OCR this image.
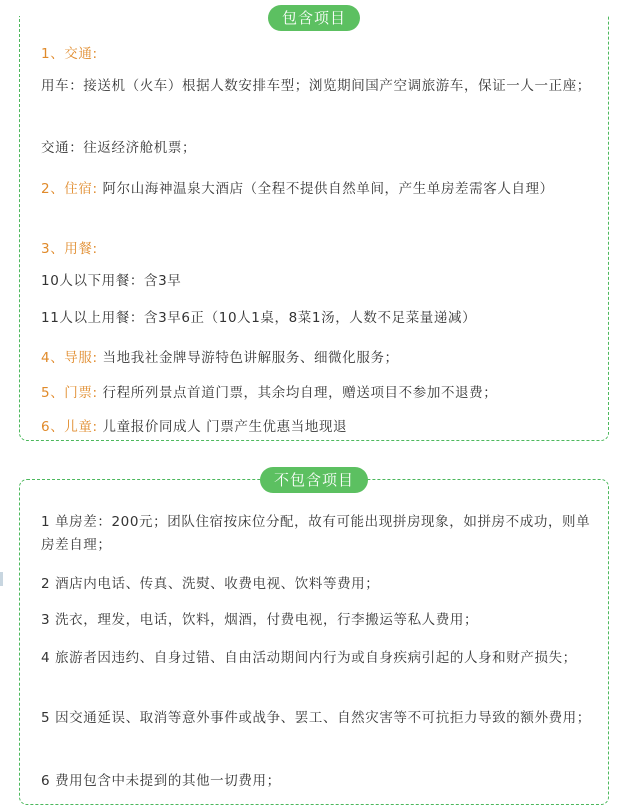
包含项目
1、交通:
用车：接送机（火车）根据人数安排车型；浏览期间国产空调旅游车，保证一人一正座；
交通：往返经济舱机票；
2、住宿: 阿尔山海神温泉大酒店（全程不提供自然单间，产生单房差需客人自理）
3、用餐:
10人以下用餐：含3早
11人以上用餐：含3早6正（10人1桌，8菜1汤，人数不足菜量递减）
4、导服: 当地我社金牌导游特色讲解服务、细微化服务；
5、门票: 行程所列景点首道门票，其余均自理，赠送项目不参加不退费；
6、儿童: 儿童报价同成人 门票产生优惠当地现退
不包含项目
1 单房差：200元；团队住宿按床位分配，故有可能出现拼房现象，如拼房不成功，则单房差自理；
2 酒店内电话、传真、洗熨、收费电视、饮料等费用；
3 洗衣，理发，电话，饮料，烟酒，付费电视，行李搬运等私人费用；
4 旅游者因违约、自身过错、自由活动期间内行为或自身疾病引起的人身和财产损失；
5 因交通延误、取消等意外事件或战争、罢工、自然灾害等不可抗拒力导致的额外费用；
6 费用包含中未提到的其他一切费用；
